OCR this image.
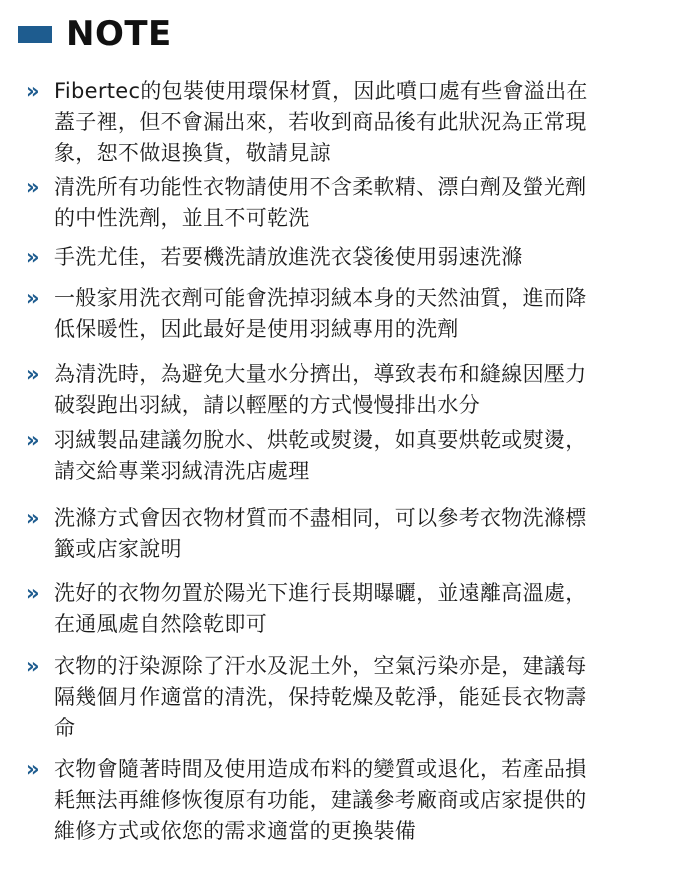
NOTE
» Fibertec的包裝使用環保材質，因此噴口處有些會溢出在
蓋子裡，但不會漏出來，若收到商品後有此狀況為正常現
象，恕不做退換貨，敬請見諒
» 清洗所有功能性衣物請使用不含柔軟精、漂白劑及螢光劑
的中性洗劑，並且不可乾洗
» 手洗尤佳，若要機洗請放進洗衣袋後使用弱速洗滌
» 一般家用洗衣劑可能會洗掉羽絨本身的天然油質，進而降
低保暖性，因此最好是使用羽絨專用的洗劑
» 為清洗時，為避免大量水分擠出，導致表布和縫線因壓力
破裂跑出羽絨，請以輕壓的方式慢慢排出水分
» 羽絨製品建議勿脫水、烘乾或熨燙，如真要烘乾或熨燙，
請交給專業羽絨清洗店處理
» 洗滌方式會因衣物材質而不盡相同，可以參考衣物洗滌標
籤或店家說明
» 洗好的衣物勿置於陽光下進行長期曝曬，並遠離高溫處，
在通風處自然陰乾即可
» 衣物的汙染源除了汗水及泥土外，空氣污染亦是，建議每
隔幾個月作適當的清洗，保持乾燥及乾淨，能延長衣物壽
命
» 衣物會隨著時間及使用造成布料的變質或退化，若產品損
耗無法再維修恢復原有功能，建議參考廠商或店家提供的
維修方式或依您的需求適當的更換裝備
